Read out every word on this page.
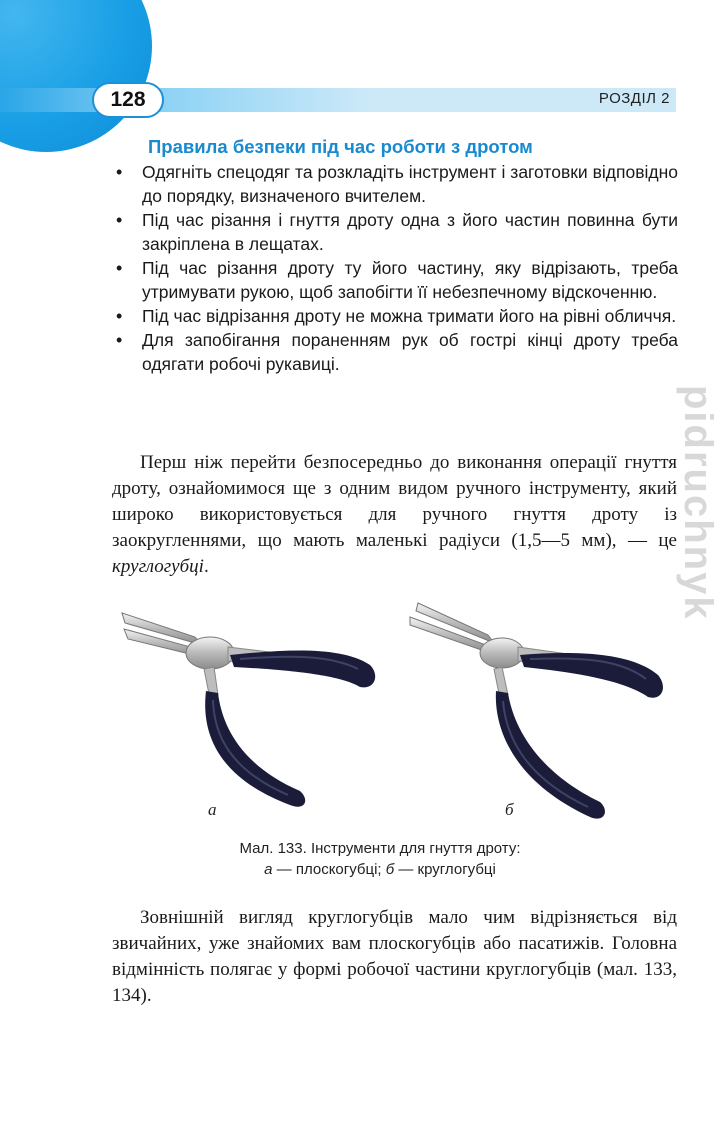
128	РОЗДІЛ 2
Правила безпеки під час роботи з дротом
• Одягніть спецодяг та розкладіть інструмент і заготовки відповідно до порядку, визначеного вчителем.
• Під час різання і гнуття дроту одна з його частин повинна бути закріплена в лещатах.
• Під час різання дроту ту його частину, яку відрізають, треба утримувати рукою, щоб запобігти її небезпечному відскоченню.
• Під час відрізання дроту не можна тримати його на рівні обличчя.
• Для запобігання пораненням рук об гострі кінці дроту треба одягати робочі рукавиці.

Перш ніж перейти безпосередньо до виконання операції гнуття дроту, ознайомимося ще з одним видом ручного інструменту, який широко використовується для ручного гнуття дроту із заокругленнями, що мають маленькі радіуси (1,5—5 мм), — це круглогубці.

а	б
Мал. 133. Інструменти для гнуття дроту:
а — плоскогубці; б — круглогубці

Зовнішній вигляд круглогубців мало чим відрізняється від звичайних, уже знайомих вам плоскогубців або пасатижів. Головна відмінність полягає у формі робочої частини круглогубців (мал. 133, 134).

pidruchnyk
